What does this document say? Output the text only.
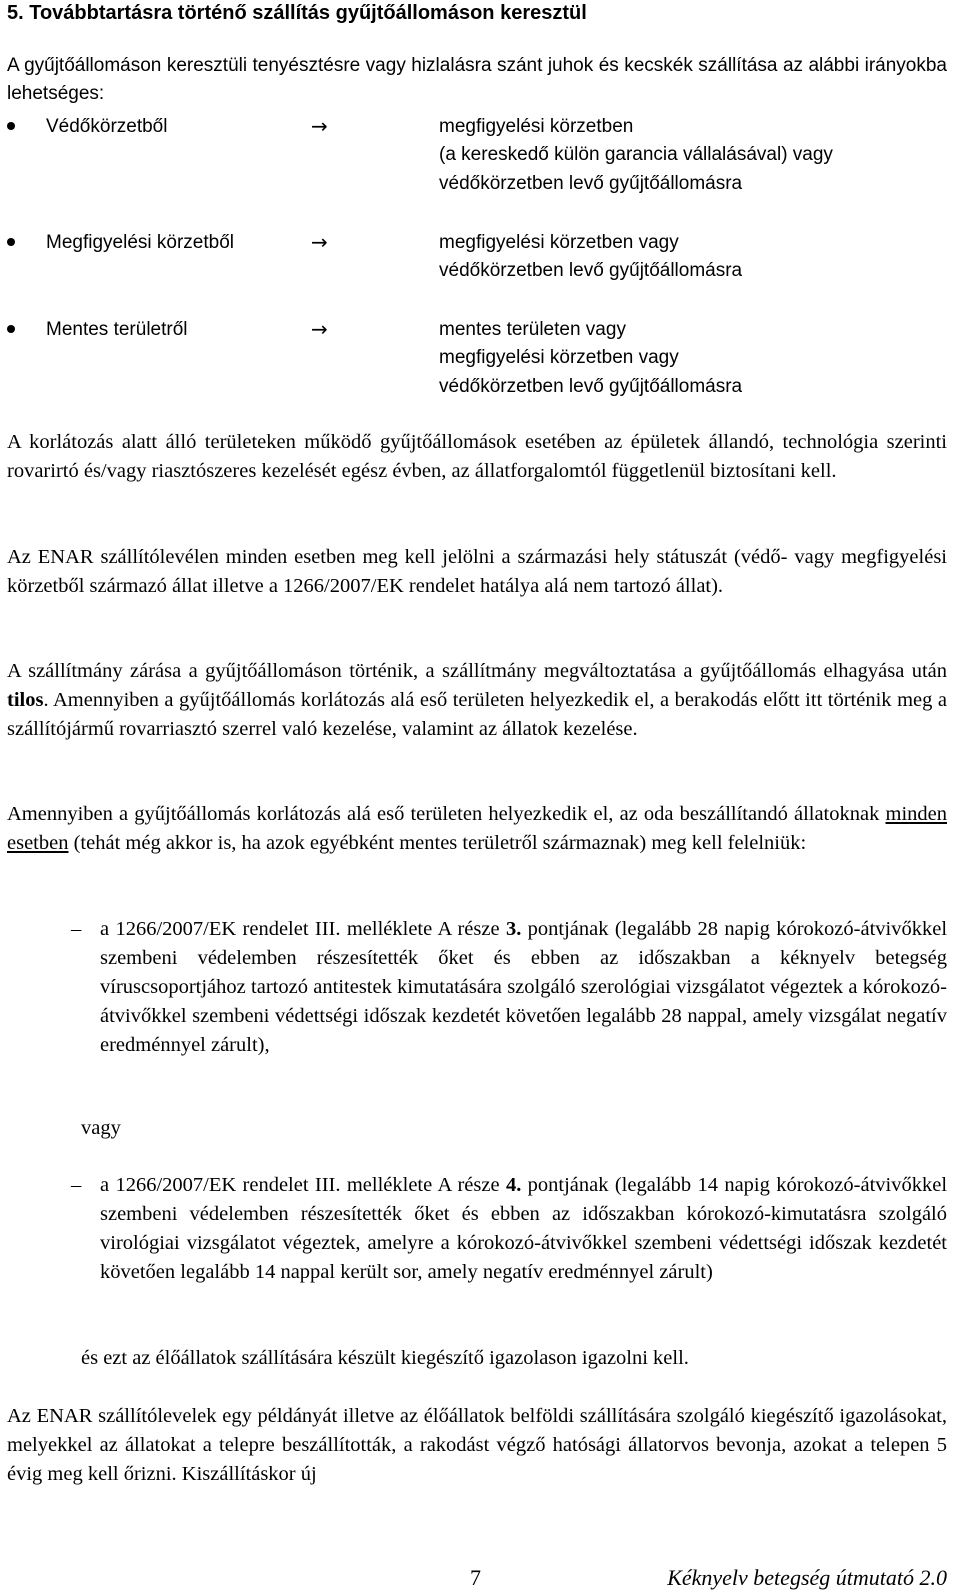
5. Továbbtartásra történő szállítás gyűjtőállomáson keresztül

A gyűjtőállomáson keresztüli tenyésztésre vagy hizlalásra szánt juhok és kecskék szállítása az alábbi irányokba lehetséges:

Védőkörzetből	→	megfigyelési körzetben
(a kereskedő külön garancia vállalásával) vagy
védőkörzetben levő gyűjtőállomásra
Megfigyelési körzetből	→	megfigyelési körzetben vagy
védőkörzetben levő gyűjtőállomásra
Mentes területről	→	mentes területen vagy
megfigyelési körzetben vagy
védőkörzetben levő gyűjtőállomásra

A korlátozás alatt álló területeken működő gyűjtőállomások esetében az épületek állandó, technológia szerinti rovarirtó és/vagy riasztószeres kezelését egész évben, az állatforgalomtól függetlenül biztosítani kell.

Az ENAR szállítólevélen minden esetben meg kell jelölni a származási hely státuszát (védő- vagy megfigyelési körzetből származó állat illetve a 1266/2007/EK rendelet hatálya alá nem tartozó állat).

A szállítmány zárása a gyűjtőállomáson történik, a szállítmány megváltoztatása a gyűjtőállomás elhagyása után tilos. Amennyiben a gyűjtőállomás korlátozás alá eső területen helyezkedik el, a berakodás előtt itt történik meg a szállítójármű rovarriasztó szerrel való kezelése, valamint az állatok kezelése.

Amennyiben a gyűjtőállomás korlátozás alá eső területen helyezkedik el, az oda beszállítandó állatoknak minden esetben (tehát még akkor is, ha azok egyébként mentes területről származnak) meg kell felelniük:

– a 1266/2007/EK rendelet III. melléklete A része 3. pontjának (legalább 28 napig kórokozó-átvivőkkel szembeni védelemben részesítették őket és ebben az időszakban a kéknyelv betegség víruscsoportjához tartozó antitestek kimutatására szolgáló szerológiai vizsgálatot végeztek a kórokozó-átvivőkkel szembeni védettségi időszak kezdetét követően legalább 28 nappal, amely vizsgálat negatív eredménnyel zárult),
vagy
– a 1266/2007/EK rendelet III. melléklete A része 4. pontjának (legalább 14 napig kórokozó-átvivőkkel szembeni védelemben részesítették őket és ebben az időszakban kórokozó-kimutatásra szolgáló virológiai vizsgálatot végeztek, amelyre a kórokozó-átvivőkkel szembeni védettségi időszak kezdetét követően legalább 14 nappal került sor, amely negatív eredménnyel zárult)
és ezt az élőállatok szállítására készült kiegészítő igazolason igazolni kell.

Az ENAR szállítólevelek egy példányát illetve az élőállatok belföldi szállítására szolgáló kiegészítő igazolásokat, melyekkel az állatokat a telepre beszállították, a rakodást végző hatósági állatorvos bevonja, azokat a telepen 5 évig meg kell őrizni. Kiszállításkor új

7	Kéknyelv betegség útmutató 2.0
